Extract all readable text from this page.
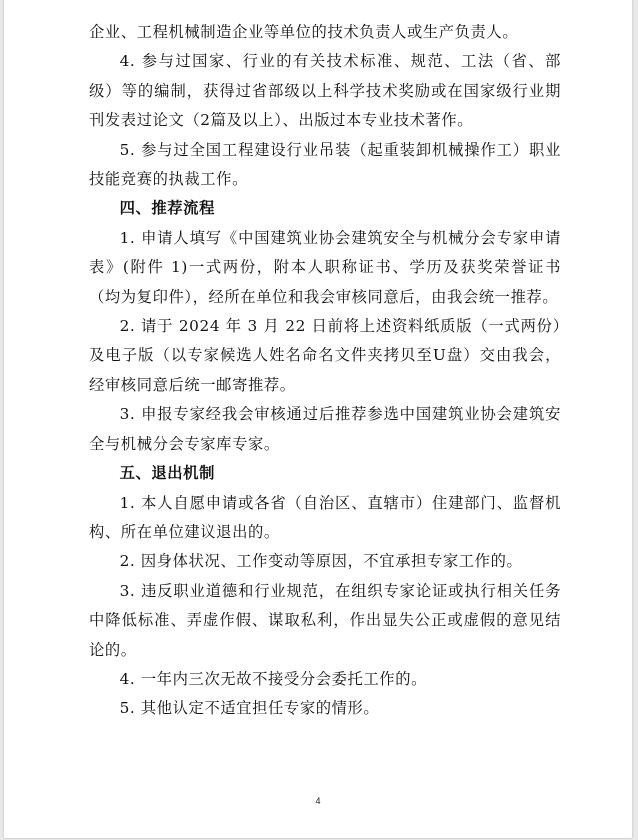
企业、工程机械制造企业等单位的技术负责人或生产负责人。

4. 参与过国家、行业的有关技术标准、规范、工法（省、部级）等的编制，获得过省部级以上科学技术奖励或在国家级行业期刊发表过论文（2篇及以上）、出版过本专业技术著作。

5. 参与过全国工程建设行业吊装（起重装卸机械操作工）职业技能竞赛的执裁工作。

四、推荐流程

1. 申请人填写《中国建筑业协会建筑安全与机械分会专家申请表》(附件 1)一式两份，附本人职称证书、学历及获奖荣誉证书（均为复印件），经所在单位和我会审核同意后，由我会统一推荐。

2. 请于 2024 年 3 月 22 日前将上述资料纸质版（一式两份）及电子版（以专家候选人姓名命名文件夹拷贝至U盘）交由我会，经审核同意后统一邮寄推荐。

3. 申报专家经我会审核通过后推荐参选中国建筑业协会建筑安全与机械分会专家库专家。

五、退出机制

1. 本人自愿申请或各省（自治区、直辖市）住建部门、监督机构、所在单位建议退出的。

2. 因身体状况、工作变动等原因，不宜承担专家工作的。

3. 违反职业道德和行业规范，在组织专家论证或执行相关任务中降低标准、弄虚作假、谋取私利，作出显失公正或虚假的意见结论的。

4. 一年内三次无故不接受分会委托工作的。

5. 其他认定不适宜担任专家的情形。

4
